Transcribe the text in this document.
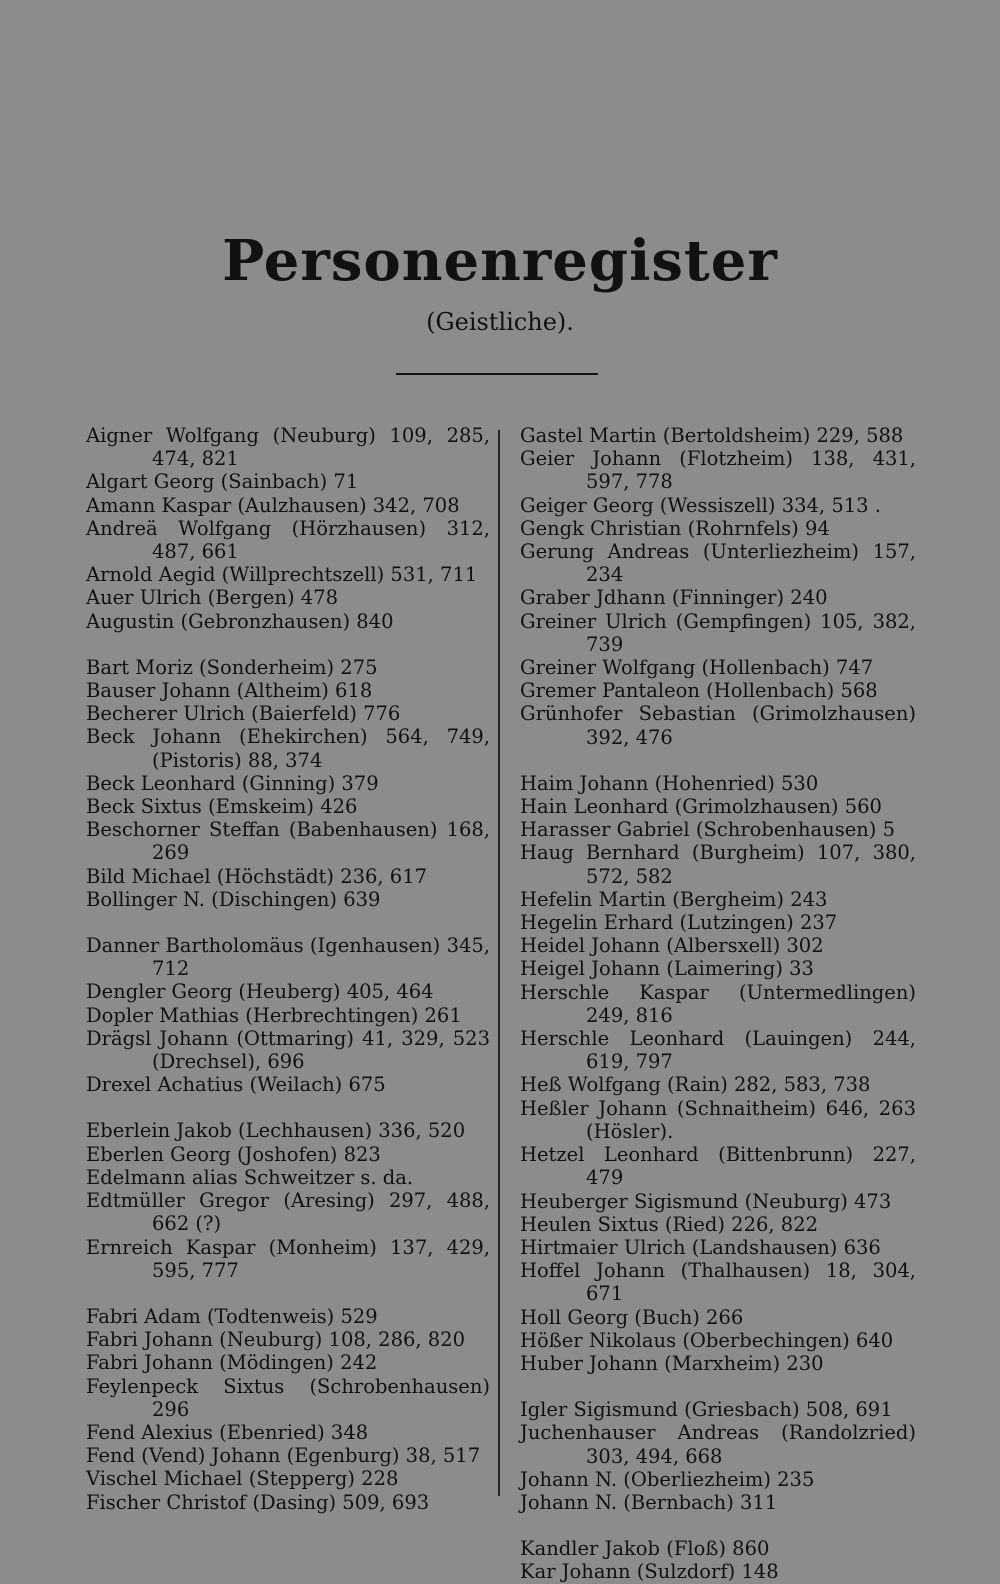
Personenregister
(Geistliche).

Aigner Wolfgang (Neuburg) 109, 285, 474, 821

Algart Georg (Sainbach) 71

Amann Kaspar (Aulzhausen) 342, 708

Andreä Wolfgang (Hörzhausen) 312, 487, 661

Arnold Aegid (Willprechtszell) 531, 711

Auer Ulrich (Bergen) 478

Augustin (Gebronzhausen) 840

Bart Moriz (Sonderheim) 275

Bauser Johann (Altheim) 618

Becherer Ulrich (Baierfeld) 776

Beck Johann (Ehekirchen) 564, 749, (Pistoris) 88, 374

Beck Leonhard (Ginning) 379

Beck Sixtus (Emskeim) 426

Beschorner Steffan (Babenhausen) 168, 269

Bild Michael (Höchstädt) 236, 617

Bollinger N. (Dischingen) 639

Danner Bartholomäus (Igenhausen) 345, 712

Dengler Georg (Heuberg) 405, 464

Dopler Mathias (Herbrechtingen) 261

Drägsl Johann (Ottmaring) 41, 329, 523 (Drechsel), 696

Drexel Achatius (Weilach) 675

Eberlein Jakob (Lechhausen) 336, 520

Eberlen Georg (Joshofen) 823

Edelmann alias Schweitzer s. da.

Edtmüller Gregor (Aresing) 297, 488, 662 (?)

Ernreich Kaspar (Monheim) 137, 429, 595, 777

Fabri Adam (Todtenweis) 529

Fabri Johann (Neuburg) 108, 286, 820

Fabri Johann (Mödingen) 242

Feylenpeck Sixtus (Schrobenhausen) 296

Fend Alexius (Ebenried) 348

Fend (Vend) Johann (Egenburg) 38, 517

Vischel Michael (Stepperg) 228

Fischer Christof (Dasing) 509, 693

Gastel Martin (Bertoldsheim) 229, 588

Geier Johann (Flotzheim) 138, 431, 597, 778

Geiger Georg (Wessiszell) 334, 513 .

Gengk Christian (Rohrnfels) 94

Gerung Andreas (Unterliezheim) 157, 234

Graber Jdhann (Finninger) 240

Greiner Ulrich (Gempfingen) 105, 382, 739

Greiner Wolfgang (Hollenbach) 747

Gremer Pantaleon (Hollenbach) 568

Grünhofer Sebastian (Grimolzhausen) 392, 476

Haim Johann (Hohenried) 530

Hain Leonhard (Grimolzhausen) 560

Harasser Gabriel (Schrobenhausen) 5

Haug Bernhard (Burgheim) 107, 380, 572, 582

Hefelin Martin (Bergheim) 243

Hegelin Erhard (Lutzingen) 237

Heidel Johann (Albersxell) 302

Heigel Johann (Laimering) 33

Herschle Kaspar (Untermedlingen) 249, 816

Herschle Leonhard (Lauingen) 244, 619, 797

Heß Wolfgang (Rain) 282, 583, 738

Heßler Johann (Schnaitheim) 646, 263 (Hösler).

Hetzel Leonhard (Bittenbrunn) 227, 479

Heuberger Sigismund (Neuburg) 473

Heulen Sixtus (Ried) 226, 822

Hirtmaier Ulrich (Landshausen) 636

Hoffel Johann (Thalhausen) 18, 304, 671

Holl Georg (Buch) 266

Hößer Nikolaus (Oberbechingen) 640

Huber Johann (Marxheim) 230

Igler Sigismund (Griesbach) 508, 691

Juchenhauser Andreas (Randolzried) 303, 494, 668

Johann N. (Oberliezheim) 235

Johann N. (Bernbach) 311

Kandler Jakob (Floß) 860

Kar Johann (Sulzdorf) 148
